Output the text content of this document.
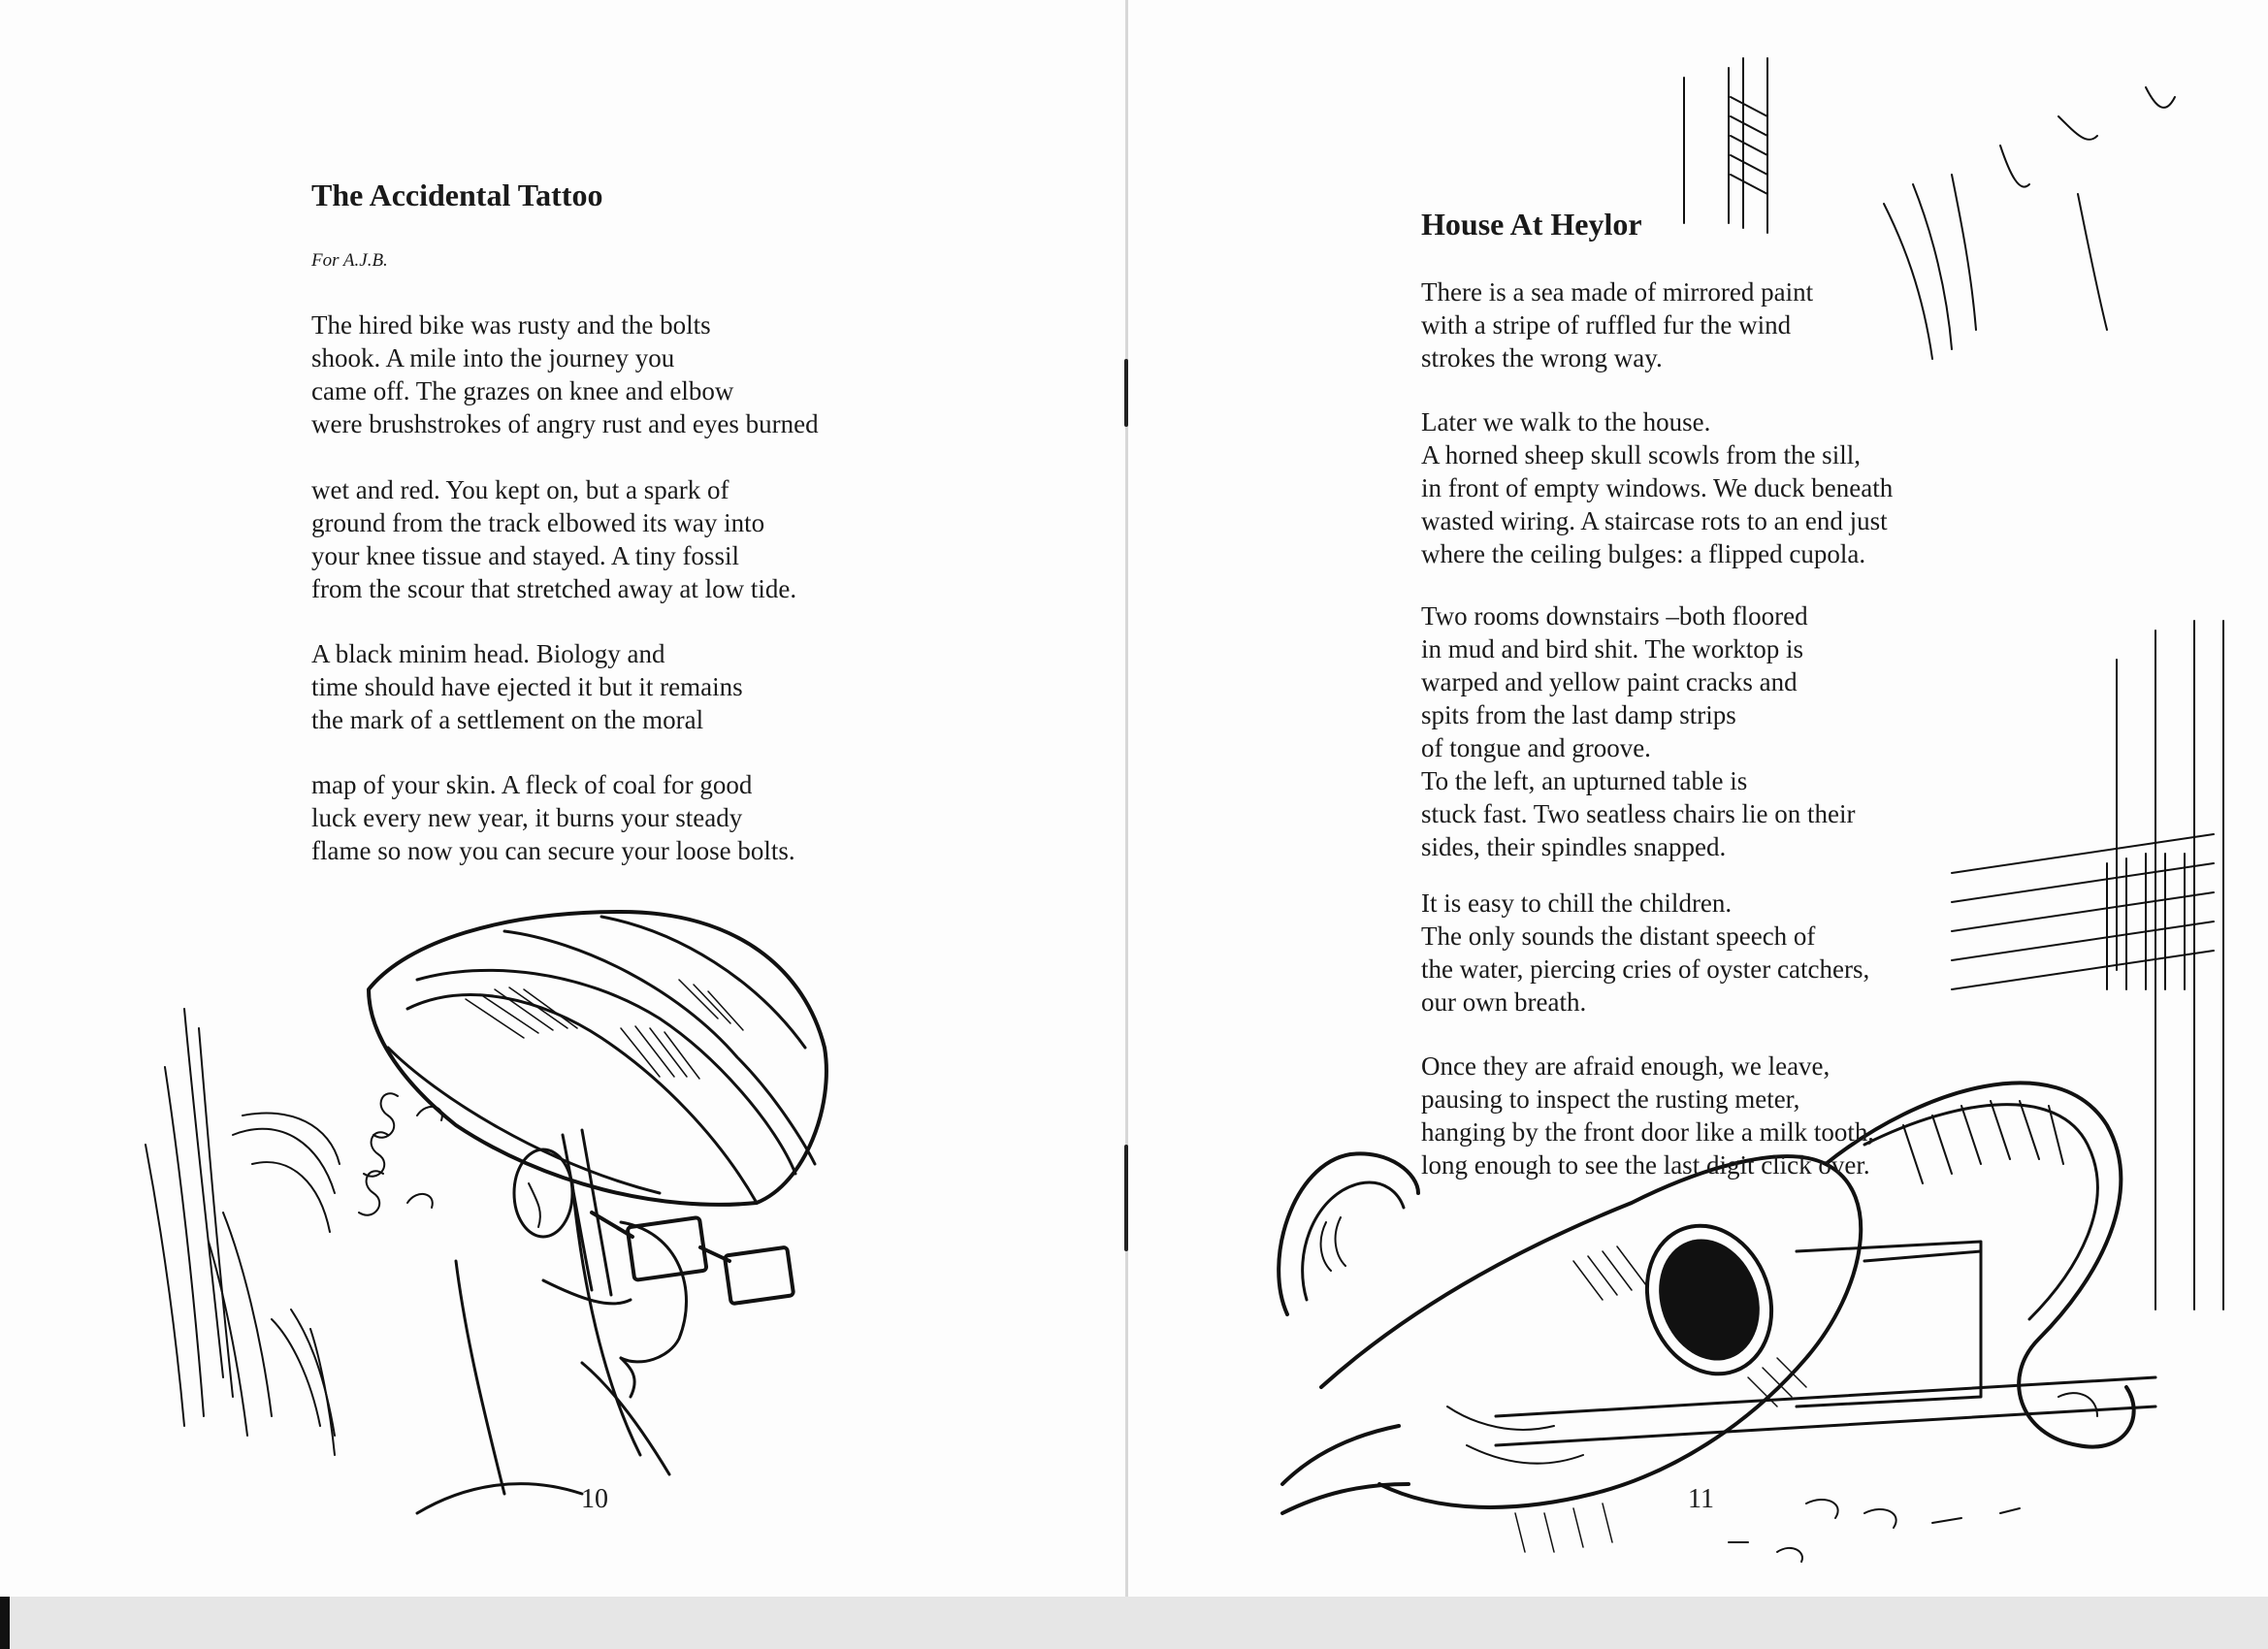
The Accidental Tattoo
For A.J.B.
The hired bike was rusty and the bolts
shook. A mile into the journey you
came off. The grazes on knee and elbow
were brushstrokes of angry rust and eyes burned
wet and red. You kept on, but a spark of
ground from the track elbowed its way into
your knee tissue and stayed. A tiny fossil
from the scour that stretched away at low tide.
A black minim head. Biology and
time should have ejected it but it remains
the mark of a settlement on the moral
map of your skin. A fleck of coal for good
luck every new year, it burns your steady
flame so now you can secure your loose bolts.
10
House At Heylor
There is a sea made of mirrored paint
with a stripe of ruffled fur the wind
strokes the wrong way.
Later we walk to the house.
A horned sheep skull scowls from the sill,
in front of empty windows. We duck beneath
wasted wiring. A staircase rots to an end just
where the ceiling bulges: a flipped cupola.
Two rooms downstairs –both floored
in mud and bird shit. The worktop is
warped and yellow paint cracks and
spits from the last damp strips
of tongue and groove.
To the left, an upturned table is
stuck fast. Two seatless chairs lie on their
sides, their spindles snapped.
It is easy to chill the children.
The only sounds the distant speech of
the water, piercing cries of oyster catchers,
our own breath.
Once they are afraid enough, we leave,
pausing to inspect the rusting meter,
hanging by the front door like a milk tooth,
long enough to see the last digit click over.
11
